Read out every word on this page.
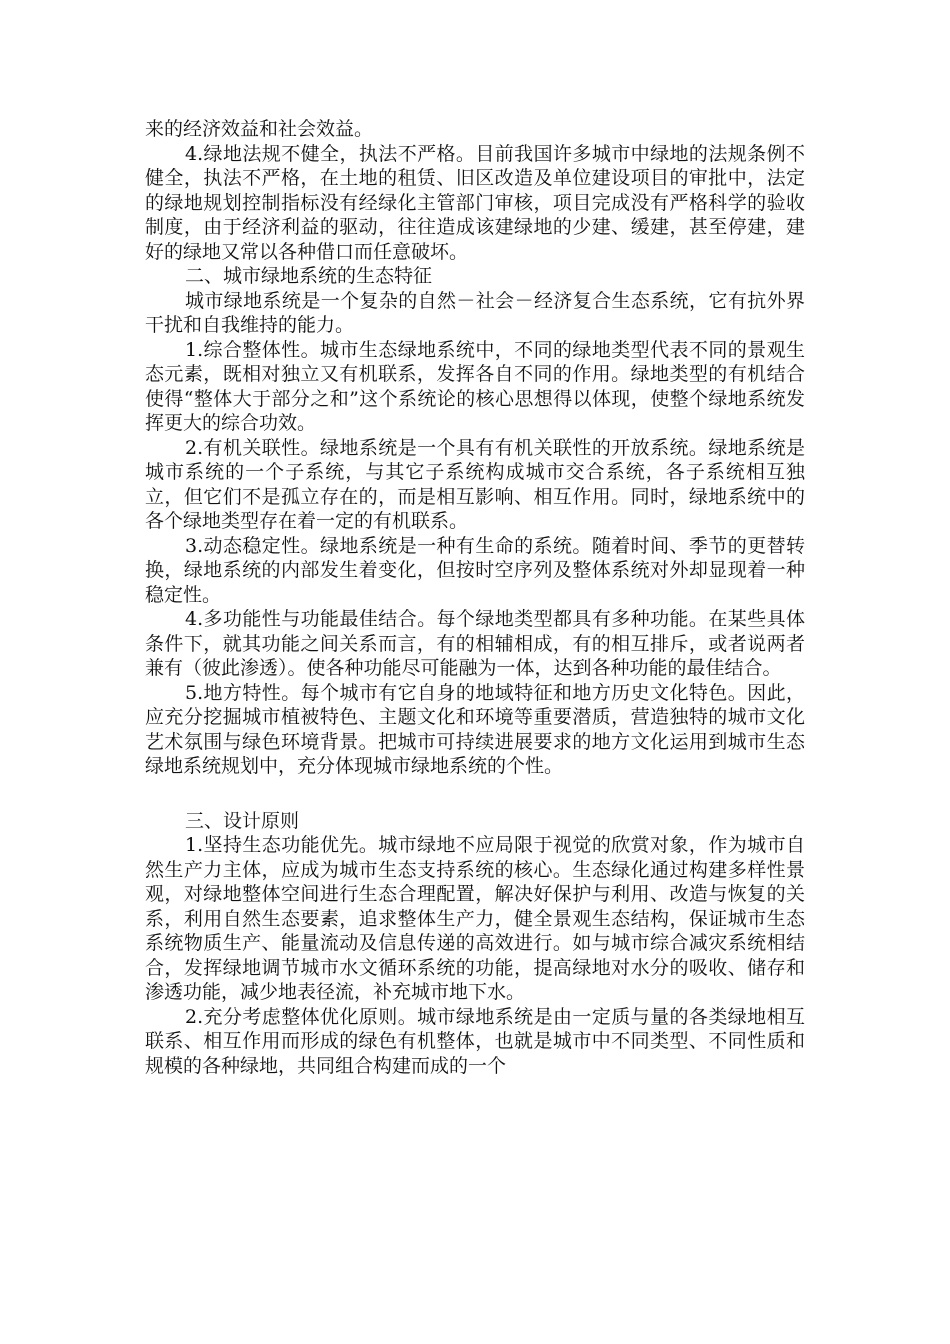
来的经济效益和社会效益。

4.绿地法规不健全，执法不严格。目前我国许多城市中绿地的法规条例不健全，执法不严格，在土地的租赁、旧区改造及单位建设项目的审批中，法定的绿地规划控制指标没有经绿化主管部门审核，项目完成没有严格科学的验收制度，由于经济利益的驱动，往往造成该建绿地的少建、缓建，甚至停建，建好的绿地又常以各种借口而任意破坏。

二、城市绿地系统的生态特征

城市绿地系统是一个复杂的自然－社会－经济复合生态系统，它有抗外界干扰和自我维持的能力。

1.综合整体性。城市生态绿地系统中，不同的绿地类型代表不同的景观生态元素，既相对独立又有机联系，发挥各自不同的作用。绿地类型的有机结合使得“整体大于部分之和”这个系统论的核心思想得以体现，使整个绿地系统发挥更大的综合功效。

2.有机关联性。绿地系统是一个具有有机关联性的开放系统。绿地系统是城市系统的一个子系统，与其它子系统构成城市交合系统，各子系统相互独立，但它们不是孤立存在的，而是相互影响、相互作用。同时，绿地系统中的各个绿地类型存在着一定的有机联系。

3.动态稳定性。绿地系统是一种有生命的系统。随着时间、季节的更替转换，绿地系统的内部发生着变化，但按时空序列及整体系统对外却显现着一种稳定性。

4.多功能性与功能最佳结合。每个绿地类型都具有多种功能。在某些具体条件下，就其功能之间关系而言，有的相辅相成，有的相互排斥，或者说两者兼有（彼此渗透）。使各种功能尽可能融为一体，达到各种功能的最佳结合。

5.地方特性。每个城市有它自身的地域特征和地方历史文化特色。因此，应充分挖掘城市植被特色、主题文化和环境等重要潜质，营造独特的城市文化艺术氛围与绿色环境背景。把城市可持续进展要求的地方文化运用到城市生态绿地系统规划中，充分体现城市绿地系统的个性。

三、设计原则

1.坚持生态功能优先。城市绿地不应局限于视觉的欣赏对象，作为城市自然生产力主体，应成为城市生态支持系统的核心。生态绿化通过构建多样性景观，对绿地整体空间进行生态合理配置，解决好保护与利用、改造与恢复的关系，利用自然生态要素，追求整体生产力，健全景观生态结构，保证城市生态系统物质生产、能量流动及信息传递的高效进行。如与城市综合减灾系统相结合，发挥绿地调节城市水文循环系统的功能，提高绿地对水分的吸收、储存和渗透功能，减少地表径流，补充城市地下水。

2.充分考虑整体优化原则。城市绿地系统是由一定质与量的各类绿地相互联系、相互作用而形成的绿色有机整体，也就是城市中不同类型、不同性质和规模的各种绿地，共同组合构建而成的一个
